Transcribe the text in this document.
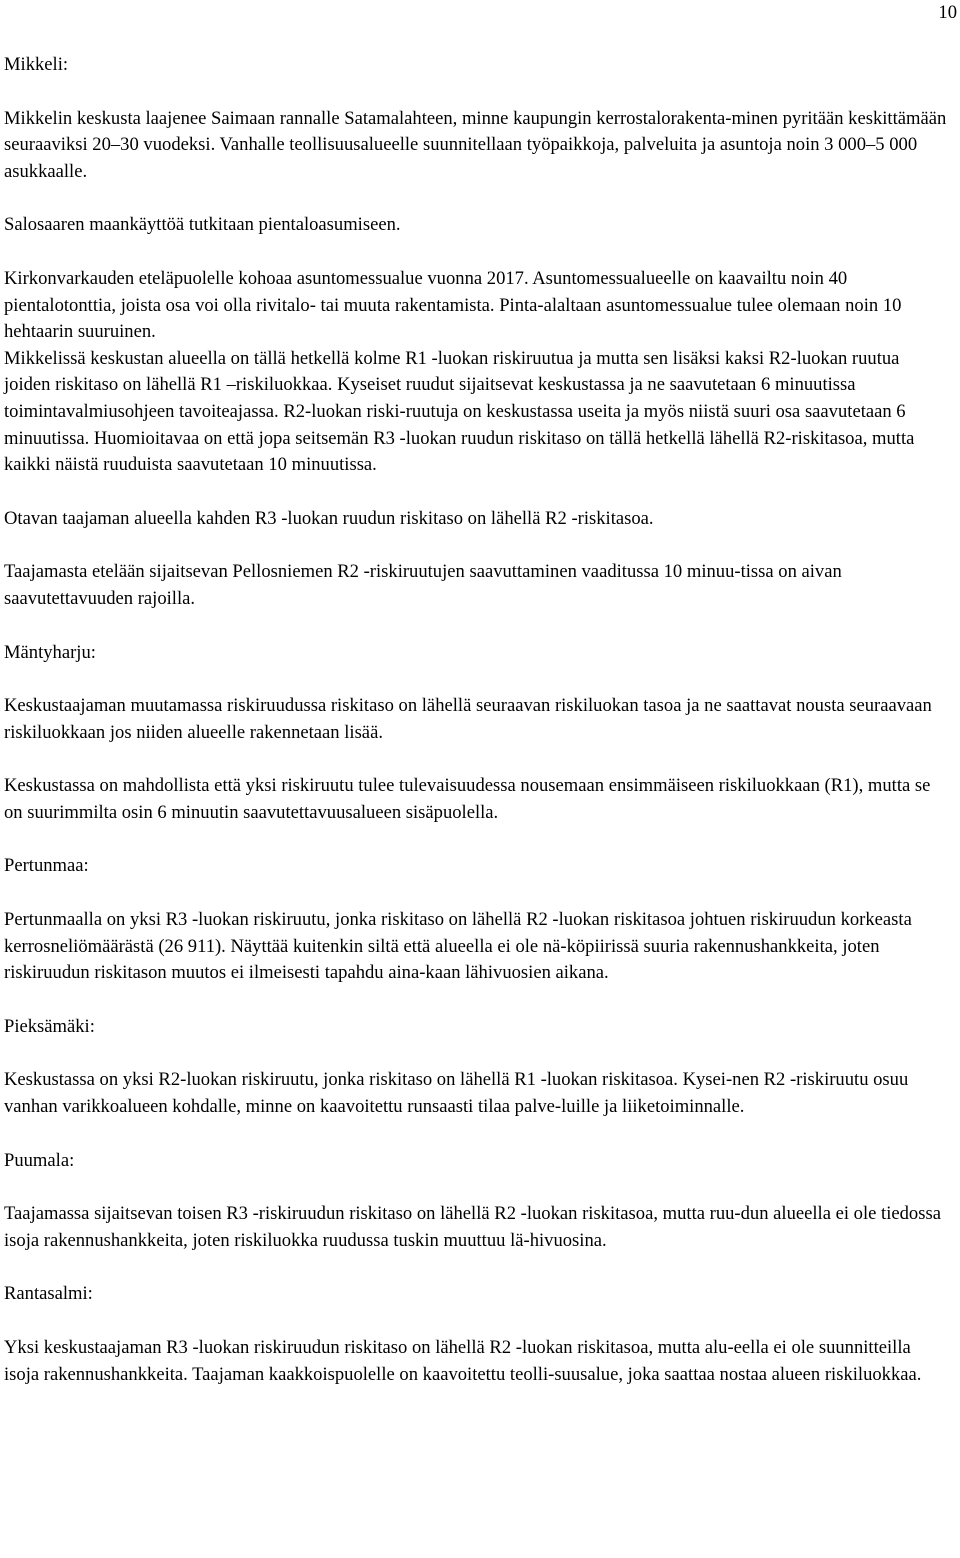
10

Mikkeli:

Mikkelin keskusta laajenee Saimaan rannalle Satamalahteen, minne kaupungin kerrostalorakenta-minen pyritään keskittämään seuraaviksi 20–30 vuodeksi. Vanhalle teollisuusalueelle suunnitellaan työpaikkoja, palveluita ja asuntoja noin 3 000–5 000 asukkaalle.

Salosaaren maankäyttöä tutkitaan pientaloasumiseen.

Kirkonvarkauden eteläpuolelle kohoaa asuntomessualue vuonna 2017. Asuntomessualueelle on kaavailtu noin 40 pientalotonttia, joista osa voi olla rivitalo- tai muuta rakentamista. Pinta-alaltaan asuntomessualue tulee olemaan noin 10 hehtaarin suuruinen.

Mikkelissä keskustan alueella on tällä hetkellä kolme R1 -luokan riskiruutua ja mutta sen lisäksi kaksi R2-luokan ruutua joiden riskitaso on lähellä R1 –riskiluokkaa. Kyseiset ruudut sijaitsevat keskustassa ja ne saavutetaan 6 minuutissa toimintavalmiusohjeen tavoiteajassa. R2-luokan riski-ruutuja on keskustassa useita ja myös niistä suuri osa saavutetaan 6 minuutissa. Huomioitavaa on että jopa seitsemän R3 -luokan ruudun riskitaso on tällä hetkellä lähellä R2-riskitasoa, mutta kaikki näistä ruuduista saavutetaan 10 minuutissa.

Otavan taajaman alueella kahden R3 -luokan ruudun riskitaso on lähellä R2 -riskitasoa.

Taajamasta etelään sijaitsevan Pellosniemen R2 -riskiruutujen saavuttaminen vaaditussa 10 minuu-tissa on aivan saavutettavuuden rajoilla.

Mäntyharju:

Keskustaajaman muutamassa riskiruudussa riskitaso on lähellä seuraavan riskiluokan tasoa ja ne saattavat nousta seuraavaan riskiluokkaan jos niiden alueelle rakennetaan lisää.

Keskustassa on mahdollista että yksi riskiruutu tulee tulevaisuudessa nousemaan ensimmäiseen riskiluokkaan (R1), mutta se on suurimmilta osin 6 minuutin saavutettavuusalueen sisäpuolella.

Pertunmaa:

Pertunmaalla on yksi R3 -luokan riskiruutu, jonka riskitaso on lähellä R2 -luokan riskitasoa johtuen riskiruudun korkeasta kerrosneliömäärästä (26 911). Näyttää kuitenkin siltä että alueella ei ole nä-köpiirissä suuria rakennushankkeita, joten riskiruudun riskitason muutos ei ilmeisesti tapahdu aina-kaan lähivuosien aikana.

Pieksämäki:

Keskustassa on yksi R2-luokan riskiruutu, jonka riskitaso on lähellä R1 -luokan riskitasoa. Kysei-nen R2 -riskiruutu osuu vanhan varikkoalueen kohdalle, minne on kaavoitettu runsaasti tilaa palve-luille ja liiketoiminnalle.

Puumala:

Taajamassa sijaitsevan toisen R3 -riskiruudun riskitaso on lähellä R2 -luokan riskitasoa, mutta ruu-dun alueella ei ole tiedossa isoja rakennushankkeita, joten riskiluokka ruudussa tuskin muuttuu lä-hivuosina.

Rantasalmi:

Yksi keskustaajaman R3 -luokan riskiruudun riskitaso on lähellä R2 -luokan riskitasoa, mutta alu-eella ei ole suunnitteilla isoja rakennushankkeita. Taajaman kaakkoispuolelle on kaavoitettu teolli-suusalue, joka saattaa nostaa alueen riskiluokkaa.
